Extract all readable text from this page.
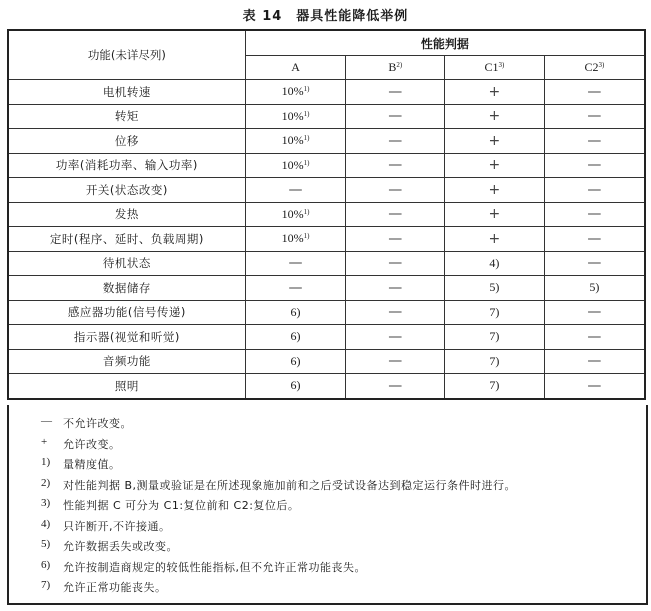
表 14 器具性能降低举例
功能(未详尽列)	性能判据			
	A	$B^{2)}$	C1$^{3)}$	C2$^{3)}$
电机转速	10%$^{1)}$	—	+	—
转矩	10%$^{1)}$	—	+	—
位移	10%$^{1)}$	—	+	—
功率(消耗功率、输入功率)	10%$^{1)}$	—	+	—
开关(状态改变)	—	—	+	—
发热	10%$^{1)}$	—	+	—
定时(程序、延时、负载周期)	10%$^{1)}$	—	+	—
待机状态	—	—	4)	—
数据储存	—	—	5)	5)
感应器功能(信号传递)	6)	—	7)	—
指示器(视觉和听觉)	6)	—	7)	—
音频功能	6)	—	7)	—
照明	6)	—	7)	—
—	不允许改变。
+	允许改变。
1)	量精度值。
2)	对性能判据 B,测量或验证是在所述现象施加前和之后受试设备达到稳定运行条件时进行。
3)	性能判据 C 可分为 C1:复位前和 C2:复位后。
4)	只许断开,不许接通。
5)	允许数据丢失或改变。
6)	允许按制造商规定的较低性能指标,但不允许正常功能丧失。
7)	允许正常功能丧失。
